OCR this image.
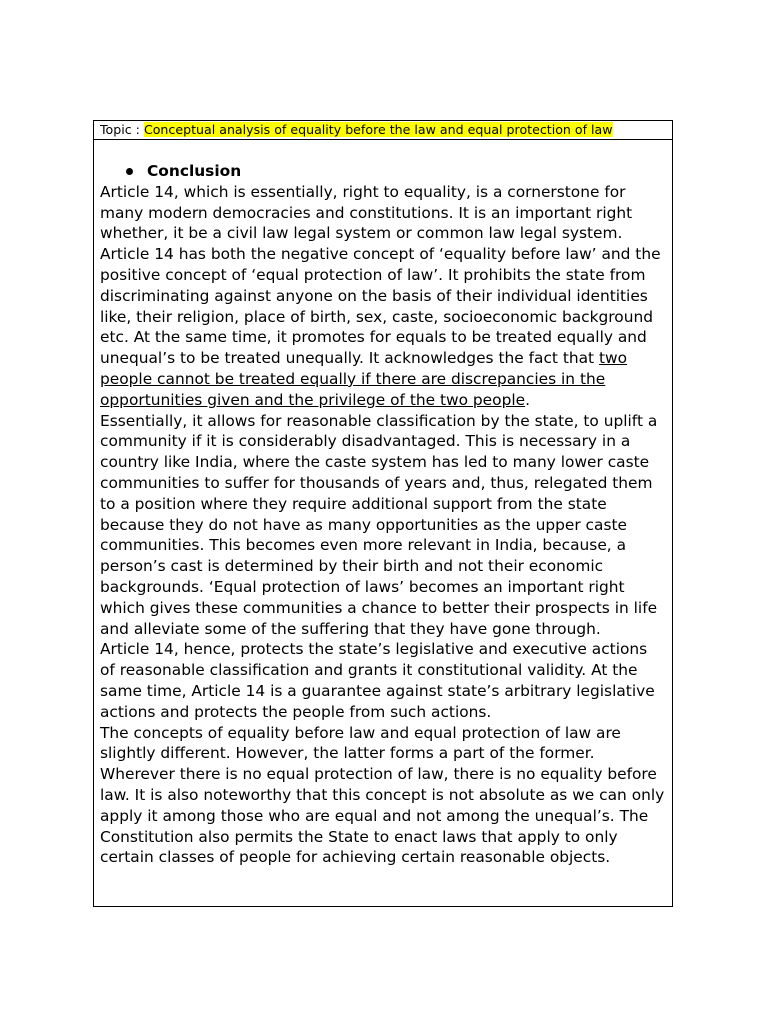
Topic : Conceptual analysis of equality before the law and equal protection of law
Conclusion

Article 14, which is essentially, right to equality, is a cornerstone for many modern democracies and constitutions. It is an important right whether, it be a civil law legal system or common law legal system.

Article 14 has both the negative concept of ‘equality before law’ and the positive concept of ‘equal protection of law’. It prohibits the state from discriminating against anyone on the basis of their individual identities like, their religion, place of birth, sex, caste, socioeconomic background etc. At the same time, it promotes for equals to be treated equally and unequal’s to be treated unequally. It acknowledges the fact that two people cannot be treated equally if there are discrepancies in the opportunities given and the privilege of the two people.

Essentially, it allows for reasonable classification by the state, to uplift a community if it is considerably disadvantaged. This is necessary in a country like India, where the caste system has led to many lower caste communities to suffer for thousands of years and, thus, relegated them to a position where they require additional support from the state because they do not have as many opportunities as the upper caste communities. This becomes even more relevant in India, because, a person’s cast is determined by their birth and not their economic backgrounds. ‘Equal protection of laws’ becomes an important right which gives these communities a chance to better their prospects in life and alleviate some of the suffering that they have gone through.

Article 14, hence, protects the state’s legislative and executive actions of reasonable classification and grants it constitutional validity. At the same time, Article 14 is a guarantee against state’s arbitrary legislative actions and protects the people from such actions.

The concepts of equality before law and equal protection of law are slightly different. However, the latter forms a part of the former. Wherever there is no equal protection of law, there is no equality before law. It is also noteworthy that this concept is not absolute as we can only apply it among those who are equal and not among the unequal’s. The Constitution also permits the State to enact laws that apply to only certain classes of people for achieving certain reasonable objects.
